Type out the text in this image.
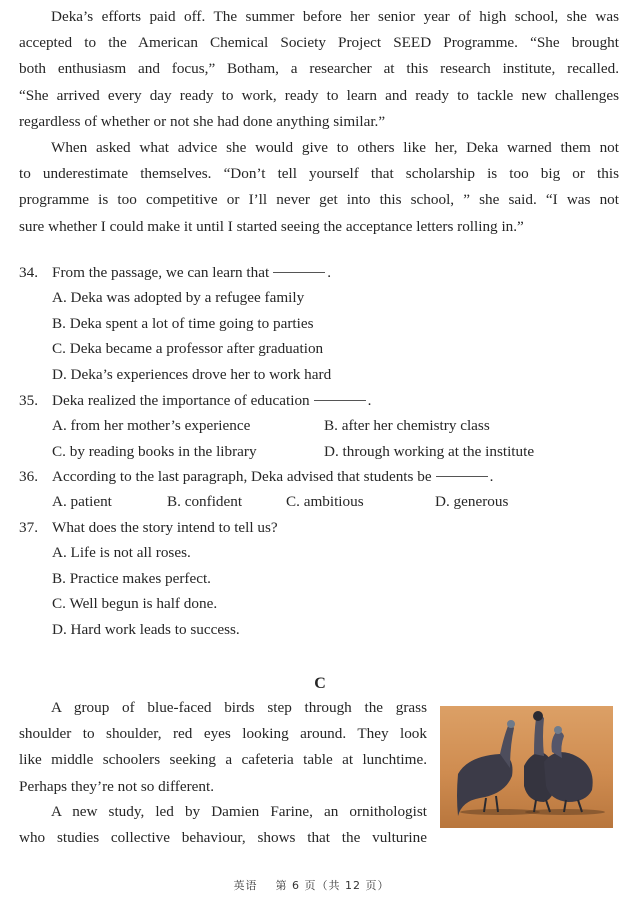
Deka’s efforts paid off. The summer before her senior year of high school, she was
accepted to the American Chemical Society Project SEED Programme. “She brought
both enthusiasm and focus,” Botham, a researcher at this research institute, recalled.
“She arrived every day ready to work, ready to learn and ready to tackle new challenges
regardless of whether or not she had done anything similar.”

When asked what advice she would give to others like her, Deka warned them not
to underestimate themselves. “Don’t tell yourself that scholarship is too big or this
programme is too competitive or I’ll never get into this school, ” she said. “I was not
sure whether I could make it until I started seeing the acceptance letters rolling in.”

34. From the passage, we can learn that	.
A. Deka was adopted by a refugee family
B. Deka spent a lot of time going to parties
C. Deka became a professor after graduation
D. Deka’s experiences drove her to work hard
35. Deka realized the importance of education	.
A. from her mother’s experience	B. after her chemistry class
C. by reading books in the library	D. through working at the institute
36. According to the last paragraph, Deka advised that students be	.
A. patient	B. confident	C. ambitious	D. generous
37. What does the story intend to tell us?
A. Life is not all roses.
B. Practice makes perfect.
C. Well begun is half done.
D. Hard work leads to success.
C

A group of blue-faced birds step through the grass
shoulder to shoulder, red eyes looking around. They look
like middle schoolers seeking a cafeteria table at lunchtime.
Perhaps they’re not so different.

A new study, led by Damien Farine, an ornithologist
who studies collective behaviour, shows that the vulturine

英语 第 6 页（共 12 页）
